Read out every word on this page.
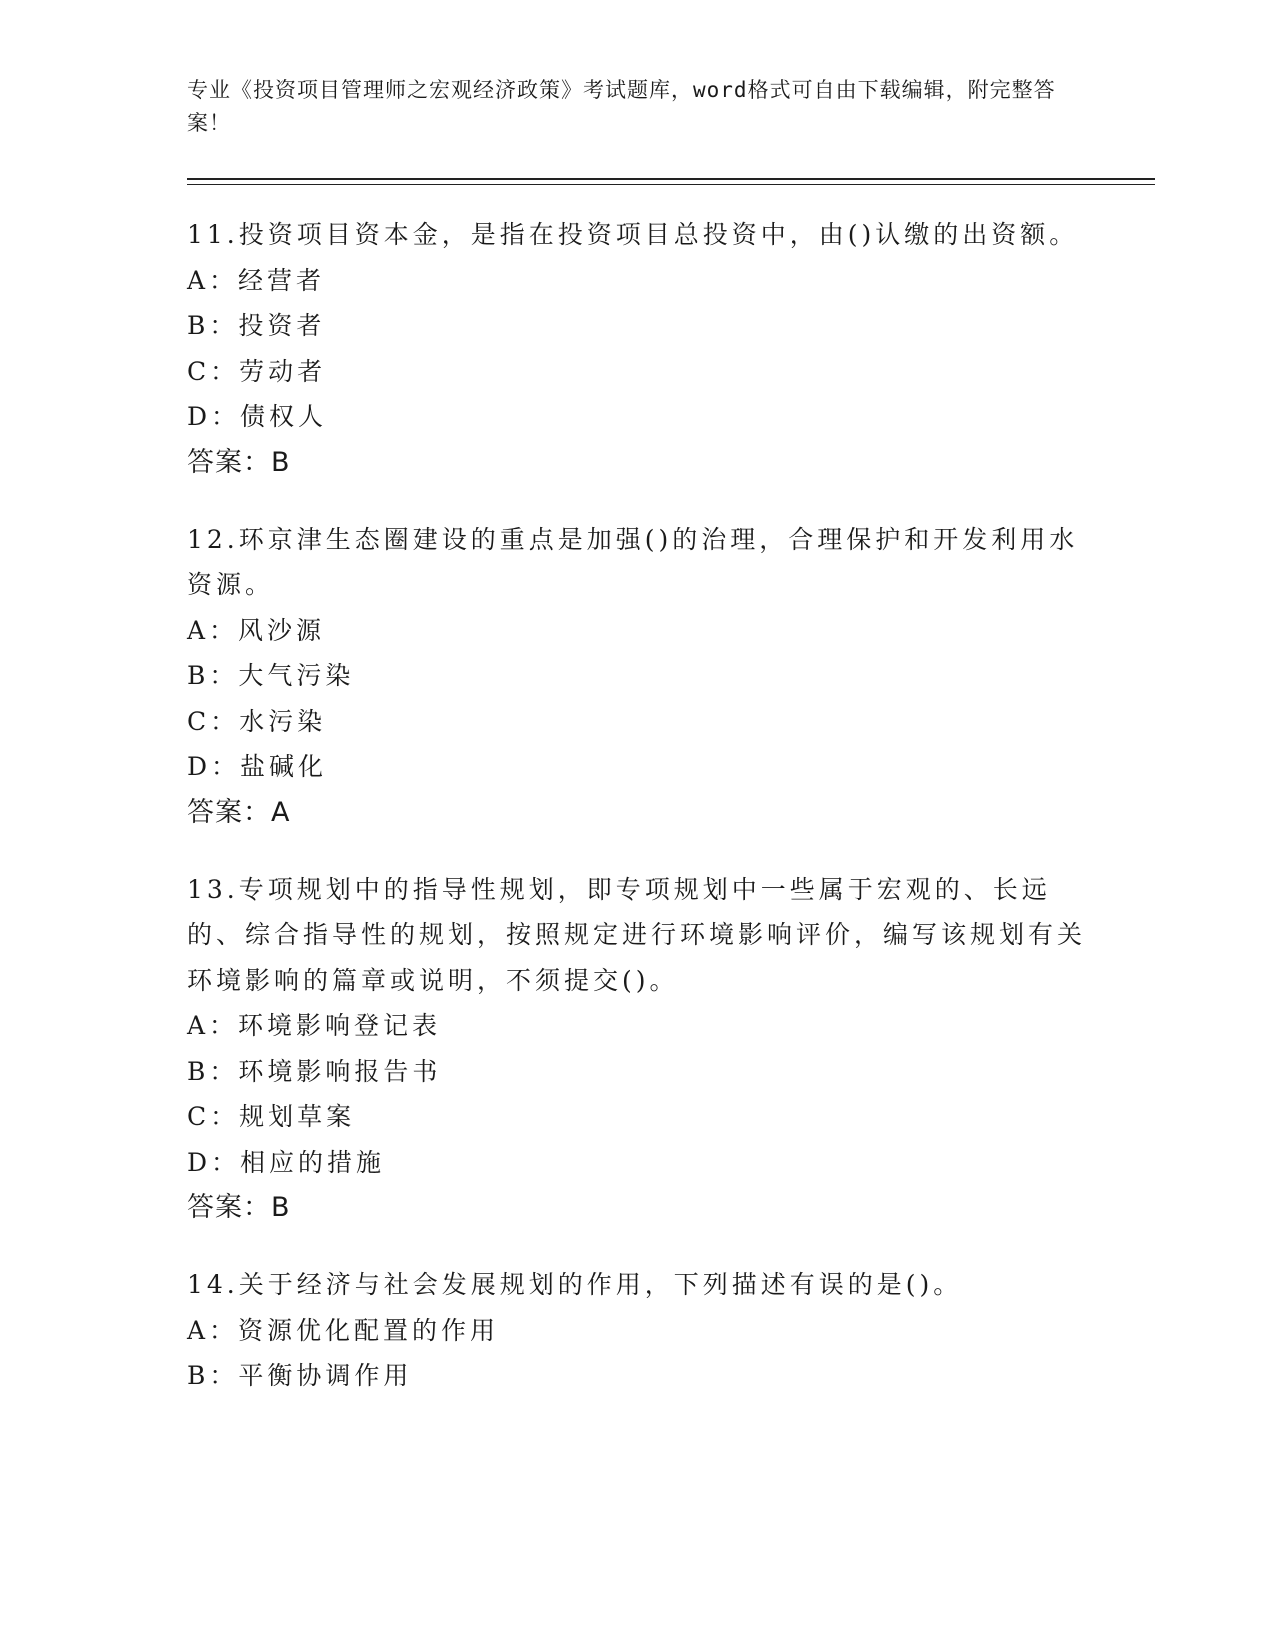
专业《投资项目管理师之宏观经济政策》考试题库，word格式可自由下载编辑，附完整答案！

11.投资项目资本金，是指在投资项目总投资中，由()认缴的出资额。

A：经营者

B：投资者

C：劳动者

D：债权人

答案：B

12.环京津生态圈建设的重点是加强()的治理，合理保护和开发利用水资源。

A：风沙源

B：大气污染

C：水污染

D：盐碱化

答案：A

13.专项规划中的指导性规划，即专项规划中一些属于宏观的、长远的、综合指导性的规划，按照规定进行环境影响评价，编写该规划有关环境影响的篇章或说明，不须提交()。

A：环境影响登记表

B：环境影响报告书

C：规划草案

D：相应的措施

答案：B

14.关于经济与社会发展规划的作用，下列描述有误的是()。

A：资源优化配置的作用

B：平衡协调作用
